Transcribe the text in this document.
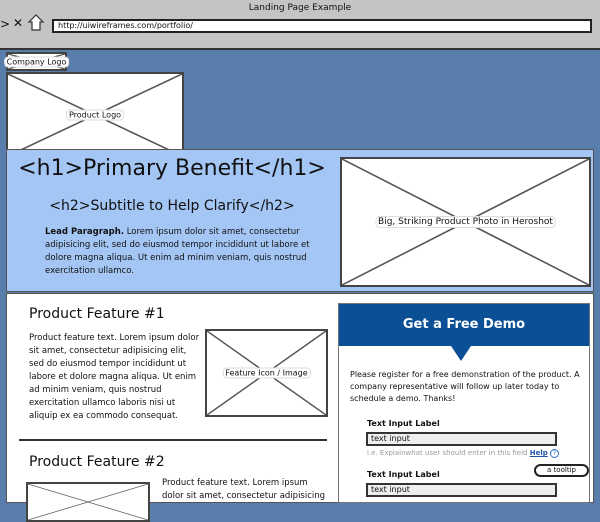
Landing Page Example
> ✕	http://uiwireframes.com/portfolio/
Company Logo
Product Logo
<h1>Primary Benefit</h1>
<h2>Subtitle to Help Clarify</h2>

Lead Paragraph. Lorem ipsum dolor sit amet, consectetur adipisicing elit, sed do eiusmod tempor incididunt ut labore et dolore magna aliqua. Ut enim ad minim veniam, quis nostrud exercitation ullamco.

Big, Striking Product Photo in Heroshot
Product Feature #1

Product feature text. Lorem ipsum dolor sit amet, consectetur adipisicing elit, sed do eiusmod tempor incididunt ut labore et dolore magna aliqua. Ut enim ad minim veniam, quis nostrud exercitation ullamco laboris nisi ut aliquip ex ea commodo consequat.

Feature Icon / Image
Product Feature #2

Product feature text. Lorem ipsum dolor sit amet, consectetur adipisicing

Get a Free Demo

Please register for a free demonstration of the product. A company representative will follow up later today to schedule a demo. Thanks!

Text Input Label
text input
i.e. Explainwhat user should enter in this field Help ?
a tooltip
Text Input Label
text input
